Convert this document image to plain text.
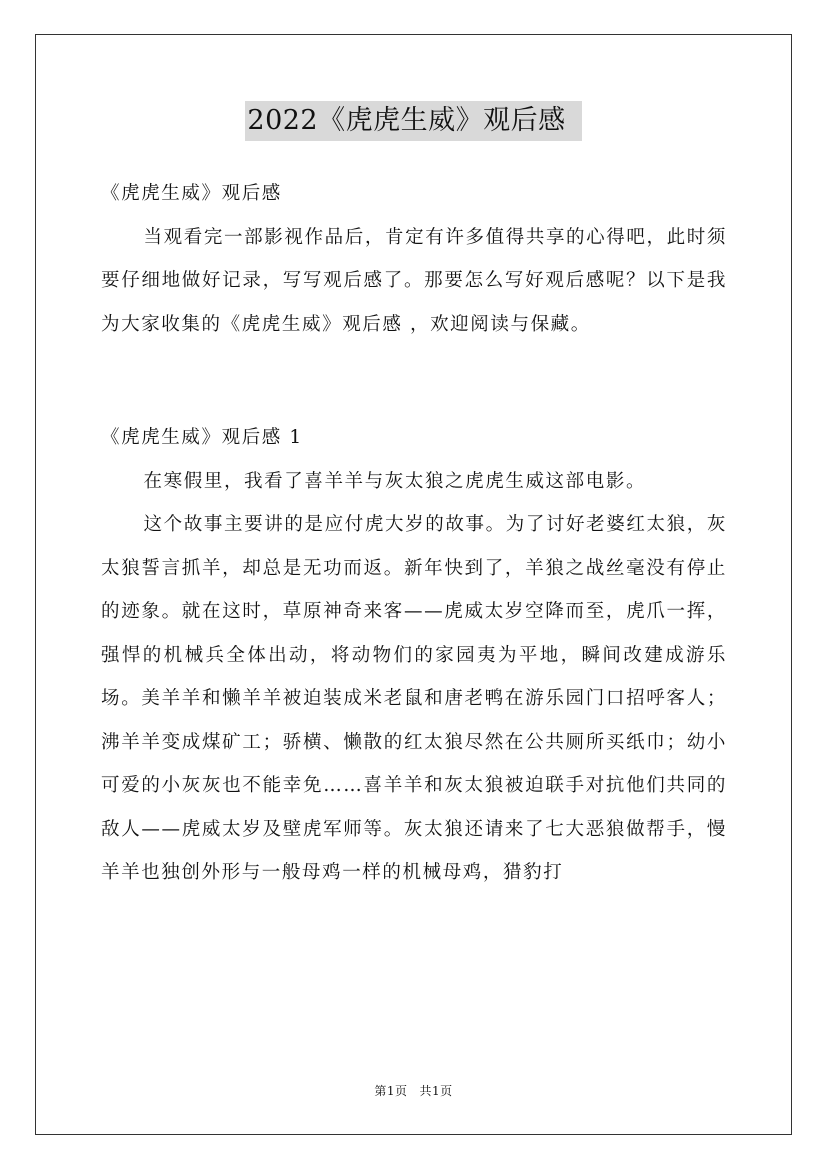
2022《虎虎生威》观后感

《虎虎生威》观后感

当观看完一部影视作品后，肯定有许多值得共享的心得吧，此时须要仔细地做好记录，写写观后感了。那要怎么写好观后感呢？以下是我为大家收集的《虎虎生威》观后感 ，欢迎阅读与保藏。

《虎虎生威》观后感 1

在寒假里，我看了喜羊羊与灰太狼之虎虎生威这部电影。

这个故事主要讲的是应付虎大岁的故事。为了讨好老婆红太狼，灰太狼誓言抓羊，却总是无功而返。新年快到了，羊狼之战丝毫没有停止的迹象。就在这时，草原神奇来客——虎威太岁空降而至，虎爪一挥，强悍的机械兵全体出动，将动物们的家园夷为平地，瞬间改建成游乐场。美羊羊和懒羊羊被迫装成米老鼠和唐老鸭在游乐园门口招呼客人；沸羊羊变成煤矿工；骄横、懒散的红太狼尽然在公共厕所买纸巾；幼小可爱的小灰灰也不能幸免……喜羊羊和灰太狼被迫联手对抗他们共同的敌人——虎威太岁及壁虎军师等。灰太狼还请来了七大恶狼做帮手，慢羊羊也独创外形与一般母鸡一样的机械母鸡，猎豹打

第1页 共1页
